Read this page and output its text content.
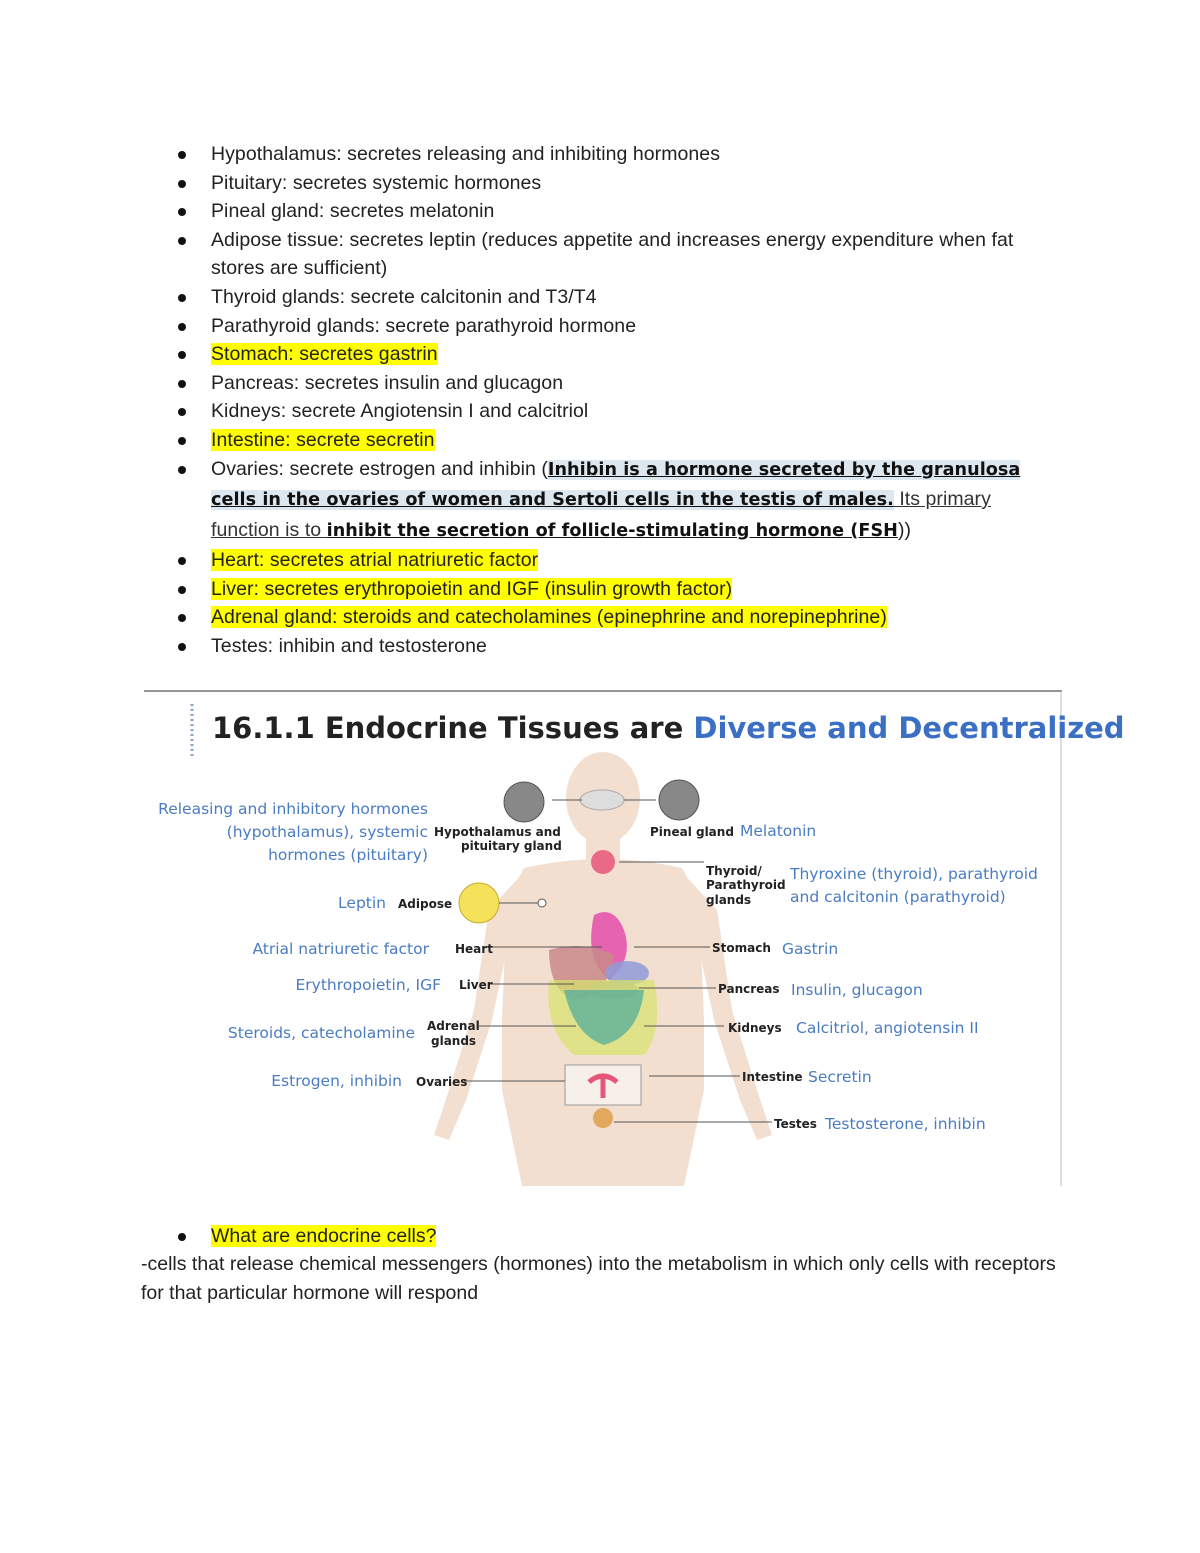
Hypothalamus: secretes releasing and inhibiting hormones
Pituitary: secretes systemic hormones
Pineal gland: secretes melatonin
Adipose tissue: secretes leptin (reduces appetite and increases energy expenditure when fat stores are sufficient)
Thyroid glands: secrete calcitonin and T3/T4
Parathyroid glands: secrete parathyroid hormone
Stomach: secretes gastrin
Pancreas: secretes insulin and glucagon
Kidneys: secrete Angiotensin I and calcitriol
Intestine: secrete secretin
Ovaries: secrete estrogen and inhibin (Inhibin is a hormone secreted by the granulosa cells in the ovaries of women and Sertoli cells in the testis of males. Its primary function is to inhibit the secretion of follicle-stimulating hormone (FSH))
Heart: secretes atrial natriuretic factor
Liver: secretes erythropoietin and IGF (insulin growth factor)
Adrenal gland: steroids and catecholamines (epinephrine and norepinephrine)
Testes: inhibin and testosterone
16.1.1 Endocrine Tissues are Diverse and Decentralized
Releasing and inhibitory hormones
(hypothalamus), systemic
hormones (pituitary)
Leptin
Atrial natriuretic factor
Erythropoietin, IGF
Steroids, catecholamine
Estrogen, inhibin
Hypothalamus and
pituitary gland
Adipose
Heart
Liver
Adrenal
glands
Ovaries
Pineal gland
Thyroid/
Parathyroid
glands
Stomach
Pancreas
Kidneys
Intestine
Testes
Melatonin
Thyroxine (thyroid), parathyroid
and calcitonin (parathyroid)
Gastrin
Insulin, glucagon
Calcitriol, angiotensin II
Secretin
Testosterone, inhibin
What are endocrine cells?
-cells that release chemical messengers (hormones) into the metabolism in which only cells with receptors for that particular hormone will respond
